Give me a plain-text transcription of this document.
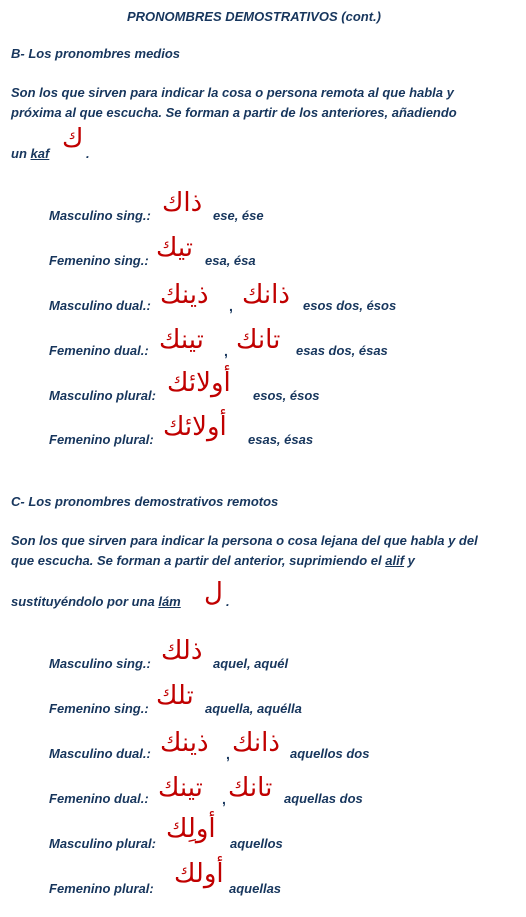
PRONOMBRES DEMOSTRATIVOS (cont.)
B- Los pronombres medios
Son los que sirven para indicar la cosa o persona remota al que habla y
próxima al que escucha. Se forman a partir de los anteriores, añadiendo
un kaf ك .
Masculino sing.: ذاك ese, ése
Femenino sing.: تيك esa, ésa
Masculino dual.: ذينك , ذانك esos dos, ésos
Femenino dual.: تينك , تانك esas dos, ésas
Masculino plural: أولائك esos, ésos
Femenino plural: أولائك esas, ésas
C- Los pronombres demostrativos remotos
Son los que sirven para indicar la persona o cosa lejana del que habla y del
que escucha. Se forman a partir del anterior, suprimiendo el alif y
sustituyéndolo por una lám ل .
Masculino sing.: ذلك aquel, aquél
Femenino sing.: تلك aquella, aquélla
Masculino dual.: ذينك , ذانك aquellos dos
Femenino dual.: تينك , تانك aquellas dos
Masculino plural: أولِك aquellos
Femenino plural: أولك aquellas
